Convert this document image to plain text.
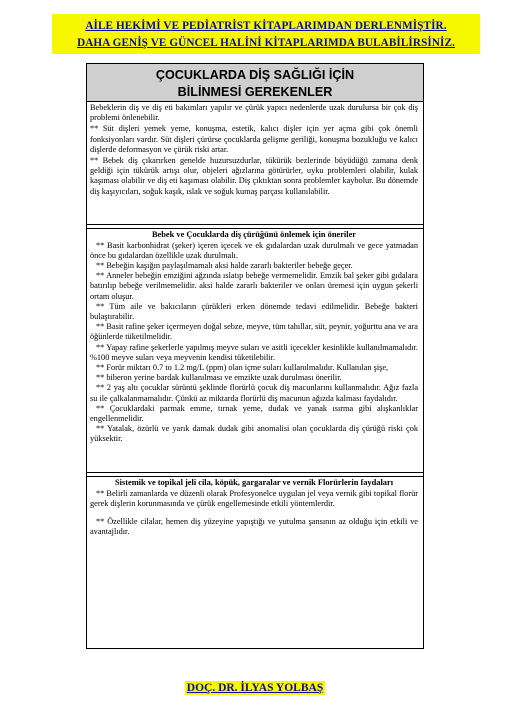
AİLE HEKİMİ VE PEDİATRİST KİTAPLARIMDAN DERLENMİŞTİR.
DAHA GENİŞ VE GÜNCEL HALİNİ KİTAPLARIMDA BULABİLİRSİNİZ.
ÇOCUKLARDA DİŞ SAĞLIĞI İÇİN
BİLİNMESİ GEREKENLER

Bebeklerin diş ve diş eti bakımları yapılır ve çürük yapıcı nedenlerde uzak durulursa bir çok diş problemi önlenebilir.

** Süt dişleri yemek yeme, konuşma, estetik, kalıcı dişler için yer açma gibi çok önemli fonksiyonları vardır. Süt dişleri çürürse çocuklarda gelişme geriliği, konuşma bozukluğu ve kalıcı dişlerde deformasyon ve çürük riski artar.

** Bebek diş çıkarırken genelde huzursuzdurlar, tükürük bezlerinde büyüdüğü zamana denk geldiği için tükürük artışı olur, objeleri ağızlarına götürürler, uyku problemleri olabilir, kulak kaşıması olabilir ve diş eti kaşıması olabilir. Diş çıktıktan sonra problemler kaybolur. Bu dönemde diş kaşıyıcıları, soğuk kaşık, ıslak ve soğuk kumaş parçası kullanılabilir.

Bebek ve Çocuklarda diş çürüğünü önlemek için öneriler

** Basit karbonhidrat (şeker) içeren içecek ve ek gıdalardan uzak durulmalı ve gece yatmadan önce bu gıdalardan özellikle uzak durulmalı.

** Bebeğin kaşığın paylaşılmamalı aksi halde zararlı bakteriler bebeğe geçer.

** Anneler bebeğin emziğini ağzında ıslatıp bebeğe vermemelidir. Emzik bal şeker gibi gıdalara batırılıp bebeğe verilmemelidir. aksi halde zararlı bakteriler ve onları üremesi için uygun şekerli ortam oluşur.

** Tüm aile ve bakıcıların çürükleri erken dönemde tedavi edilmelidir. Bebeğe bakteri bulaştırabilir.

** Basit rafine şeker içermeyen doğal sebze, meyve, tüm tahıllar, süt, peynir, yoğurttu ana ve ara öğünlerde tüketilmelidir.

** Yapay rafine şekerlerle yapılmış meyve suları ve asitli içecekler kesinlikle kullanılmamalıdır. %100 meyve suları veya meyvenin kendisi tüketilebilir.

** Forür miktarı 0.7 to 1.2 mg/L (ppm) olan içme suları kullanılmalıdır. Kullanılan şişe,

** biberon yerine bardak kullanılması ve emzikte uzak durulması önerilir.

** 2 yaş altı çocuklar sürüntü şeklinde florürlü çocuk diş macunlarını kullanmalıdır. Ağız fazla su ile çalkalanmamalıdır. Çünkü az miktarda florürlü diş macunun ağızda kalması faydalıdır.

** Çocuklardaki parmak emme, tırnak yeme, dudak ve yanak ısırma gibi alışkanlıklar engellenmelidir.

** Yatalak, özürlü ve yarık damak dudak gibi anomalisi olan çocuklarda diş çürüğü riski çok yüksektir.

Sistemik ve topikal jeli cila, köpük, gargaralar ve vernik Florürlerin faydaları

** Belirli zamanlarda ve düzenli olarak Profesyonelce uygulan jel veya vernik gibi topikal florür gerek dişlerin korunmasında ve çürük engellemesinde etkili yöntemlerdir.

** Özellikle cilalar, hemen diş yüzeyine yapıştığı ve yutulma şansının az olduğu için etkili ve avantajlıdır.

DOÇ. DR. İLYAS YOLBAŞ
